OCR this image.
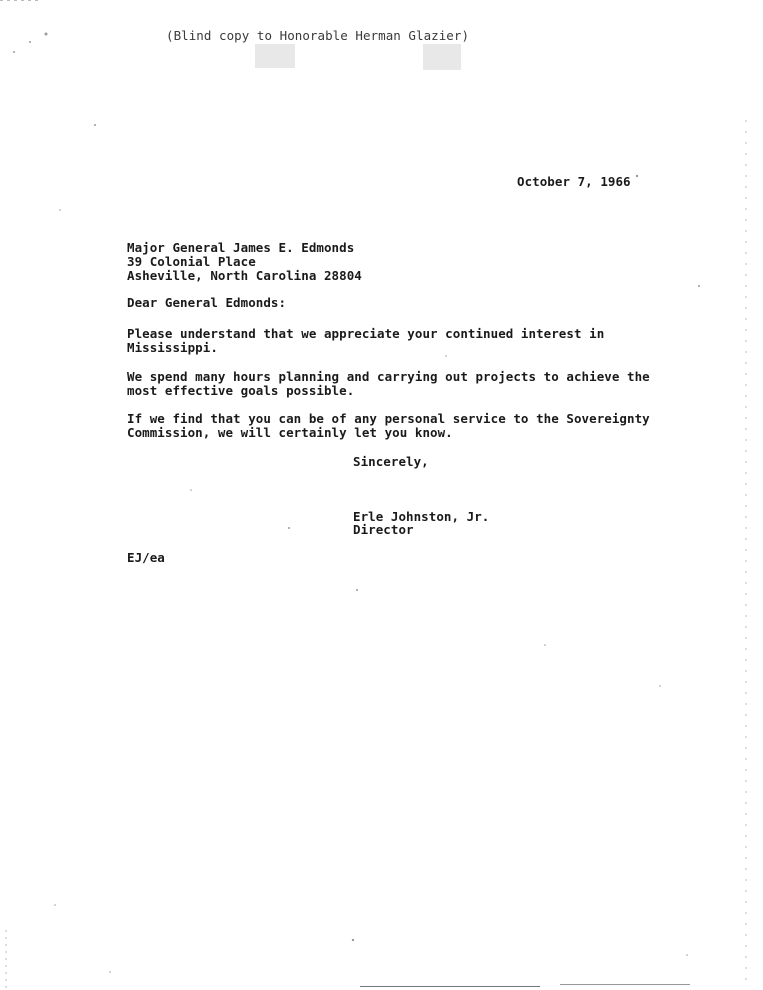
(Blind copy to Honorable Herman Glazier)
October 7, 1966
Major General James E. Edmonds
39 Colonial Place
Asheville, North Carolina 28804
Dear General Edmonds:
Please understand that we appreciate your continued interest in
Mississippi.
We spend many hours planning and carrying out projects to achieve the
most effective goals possible.
If we find that you can be of any personal service to the Sovereignty
Commission, we will certainly let you know.
Sincerely,
Erle Johnston, Jr.
Director
EJ/ea
